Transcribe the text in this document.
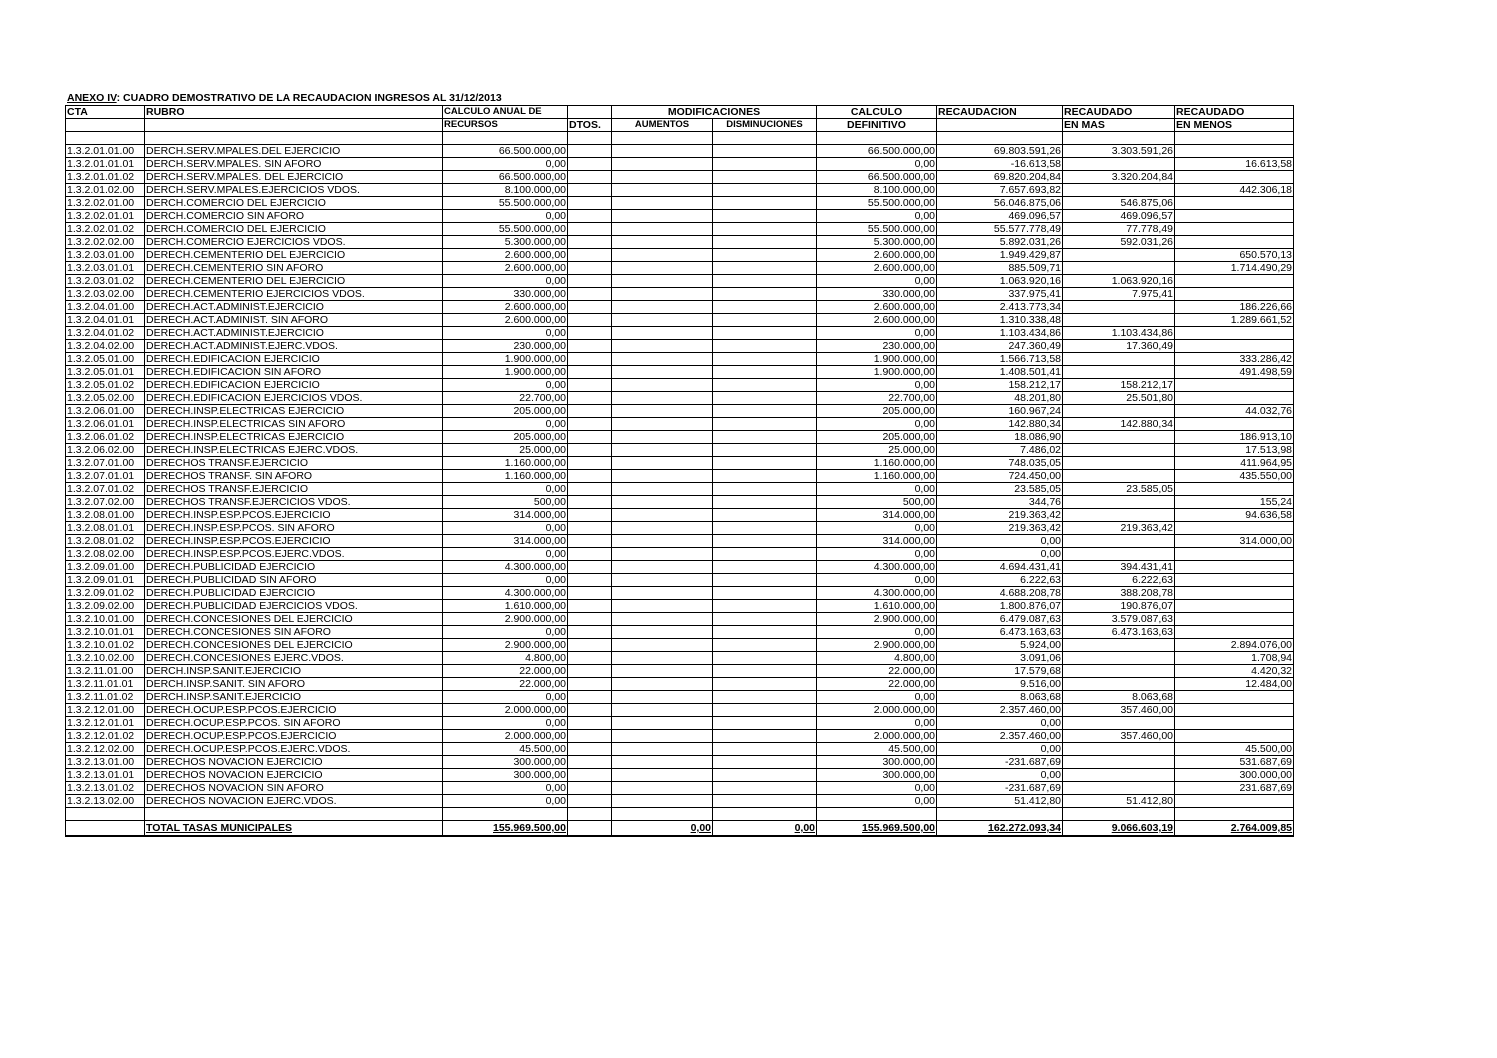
ANEXO IV: CUADRO DEMOSTRATIVO DE LA RECAUDACION INGRESOS AL 31/12/2013
CTA	RUBRO	CALCULO ANUAL DE		MODIFICACIONES		CALCULO	RECAUDACION	RECAUDADO	RECAUDADO
		RECURSOS	DTOS.	AUMENTOS	DISMINUCIONES	DEFINITIVO		EN MAS	EN MENOS

1.3.2.01.01.00	DERCH.SERV.MPALES.DEL EJERCICIO	66.500.000,00				66.500.000,00	69.803.591,26	3.303.591,26	
1.3.2.01.01.01	DERCH.SERV.MPALES. SIN AFORO	0,00				0,00	-16.613,58		16.613,58
1.3.2.01.01.02	DERCH.SERV.MPALES. DEL EJERCICIO	66.500.000,00				66.500.000,00	69.820.204,84	3.320.204,84	
1.3.2.01.02.00	DERCH.SERV.MPALES.EJERCICIOS VDOS.	8.100.000,00				8.100.000,00	7.657.693,82		442.306,18
1.3.2.02.01.00	DERCH.COMERCIO DEL EJERCICIO	55.500.000,00				55.500.000,00	56.046.875,06	546.875,06	
1.3.2.02.01.01	DERCH.COMERCIO SIN AFORO	0,00				0,00	469.096,57	469.096,57	
1.3.2.02.01.02	DERCH.COMERCIO DEL EJERCICIO	55.500.000,00				55.500.000,00	55.577.778,49	77.778,49	
1.3.2.02.02.00	DERCH.COMERCIO EJERCICIOS VDOS.	5.300.000,00				5.300.000,00	5.892.031,26	592.031,26	
1.3.2.03.01.00	DERECH.CEMENTERIO DEL EJERCICIO	2.600.000,00				2.600.000,00	1.949.429,87		650.570,13
1.3.2.03.01.01	DERECH.CEMENTERIO SIN AFORO	2.600.000,00				2.600.000,00	885.509,71		1.714.490,29
1.3.2.03.01.02	DERECH.CEMENTERIO DEL EJERCICIO	0,00				0,00	1.063.920,16	1.063.920,16	
1.3.2.03.02.00	DERECH.CEMENTERIO EJERCICIOS VDOS.	330.000,00				330.000,00	337.975,41	7.975,41	
1.3.2.04.01.00	DERECH.ACT.ADMINIST.EJERCICIO	2.600.000,00				2.600.000,00	2.413.773,34		186.226,66
1.3.2.04.01.01	DERECH.ACT.ADMINIST. SIN AFORO	2.600.000,00				2.600.000,00	1.310.338,48		1.289.661,52
1.3.2.04.01.02	DERECH.ACT.ADMINIST.EJERCICIO	0,00				0,00	1.103.434,86	1.103.434,86	
1.3.2.04.02.00	DERECH.ACT.ADMINIST.EJERC.VDOS.	230.000,00				230.000,00	247.360,49	17.360,49	
1.3.2.05.01.00	DERECH.EDIFICACION EJERCICIO	1.900.000,00				1.900.000,00	1.566.713,58		333.286,42
1.3.2.05.01.01	DERECH.EDIFICACION SIN AFORO	1.900.000,00				1.900.000,00	1.408.501,41		491.498,59
1.3.2.05.01.02	DERECH.EDIFICACION EJERCICIO	0,00				0,00	158.212,17	158.212,17	
1.3.2.05.02.00	DERECH.EDIFICACION EJERCICIOS VDOS.	22.700,00				22.700,00	48.201,80	25.501,80	
1.3.2.06.01.00	DERECH.INSP.ELECTRICAS EJERCICIO	205.000,00				205.000,00	160.967,24		44.032,76
1.3.2.06.01.01	DERECH.INSP.ELECTRICAS SIN AFORO	0,00				0,00	142.880,34	142.880,34	
1.3.2.06.01.02	DERECH.INSP.ELECTRICAS EJERCICIO	205.000,00				205.000,00	18.086,90		186.913,10
1.3.2.06.02.00	DERECH.INSP.ELECTRICAS EJERC.VDOS.	25.000,00				25.000,00	7.486,02		17.513,98
1.3.2.07.01.00	DERECHOS TRANSF.EJERCICIO	1.160.000,00				1.160.000,00	748.035,05		411.964,95
1.3.2.07.01.01	DERECHOS TRANSF. SIN AFORO	1.160.000,00				1.160.000,00	724.450,00		435.550,00
1.3.2.07.01.02	DERECHOS TRANSF.EJERCICIO	0,00				0,00	23.585,05	23.585,05	
1.3.2.07.02.00	DERECHOS TRANSF.EJERCICIOS VDOS.	500,00				500,00	344,76		155,24
1.3.2.08.01.00	DERECH.INSP.ESP.PCOS.EJERCICIO	314.000,00				314.000,00	219.363,42		94.636,58
1.3.2.08.01.01	DERECH.INSP.ESP.PCOS. SIN AFORO	0,00				0,00	219.363,42	219.363,42	
1.3.2.08.01.02	DERECH.INSP.ESP.PCOS.EJERCICIO	314.000,00				314.000,00	0,00		314.000,00
1.3.2.08.02.00	DERECH.INSP.ESP.PCOS.EJERC.VDOS.	0,00				0,00	0,00		
1.3.2.09.01.00	DERECH.PUBLICIDAD EJERCICIO	4.300.000,00				4.300.000,00	4.694.431,41	394.431,41	
1.3.2.09.01.01	DERECH.PUBLICIDAD SIN AFORO	0,00				0,00	6.222,63	6.222,63	
1.3.2.09.01.02	DERECH.PUBLICIDAD EJERCICIO	4.300.000,00				4.300.000,00	4.688.208,78	388.208,78	
1.3.2.09.02.00	DERECH.PUBLICIDAD EJERCICIOS VDOS.	1.610.000,00				1.610.000,00	1.800.876,07	190.876,07	
1.3.2.10.01.00	DERECH.CONCESIONES DEL EJERCICIO	2.900.000,00				2.900.000,00	6.479.087,63	3.579.087,63	
1.3.2.10.01.01	DERECH.CONCESIONES SIN AFORO	0,00				0,00	6.473.163,63	6.473.163,63	
1.3.2.10.01.02	DERECH.CONCESIONES DEL EJERCICIO	2.900.000,00				2.900.000,00	5.924,00		2.894.076,00
1.3.2.10.02.00	DERECH.CONCESIONES EJERC.VDOS.	4.800,00				4.800,00	3.091,06		1.708,94
1.3.2.11.01.00	DERCH.INSP.SANIT.EJERCICIO	22.000,00				22.000,00	17.579,68		4.420,32
1.3.2.11.01.01	DERCH.INSP.SANIT. SIN AFORO	22.000,00				22.000,00	9.516,00		12.484,00
1.3.2.11.01.02	DERCH.INSP.SANIT.EJERCICIO	0,00				0,00	8.063,68	8.063,68	
1.3.2.12.01.00	DERECH.OCUP.ESP.PCOS.EJERCICIO	2.000.000,00				2.000.000,00	2.357.460,00	357.460,00	
1.3.2.12.01.01	DERECH.OCUP.ESP.PCOS. SIN AFORO	0,00				0,00	0,00		
1.3.2.12.01.02	DERECH.OCUP.ESP.PCOS.EJERCICIO	2.000.000,00				2.000.000,00	2.357.460,00	357.460,00	
1.3.2.12.02.00	DERECH.OCUP.ESP.PCOS.EJERC.VDOS.	45.500,00				45.500,00	0,00		45.500,00
1.3.2.13.01.00	DERECHOS NOVACION EJERCICIO	300.000,00				300.000,00	-231.687,69		531.687,69
1.3.2.13.01.01	DERECHOS NOVACION EJERCICIO	300.000,00				300.000,00	0,00		300.000,00
1.3.2.13.01.02	DERECHOS NOVACION SIN AFORO	0,00				0,00	-231.687,69		231.687,69
1.3.2.13.02.00	DERECHOS NOVACION EJERC.VDOS.	0,00				0,00	51.412,80	51.412,80	

	TOTAL TASAS MUNICIPALES	155.969.500,00		0,00	0,00	155.969.500,00	162.272.093,34	9.066.603,19	2.764.009,85
